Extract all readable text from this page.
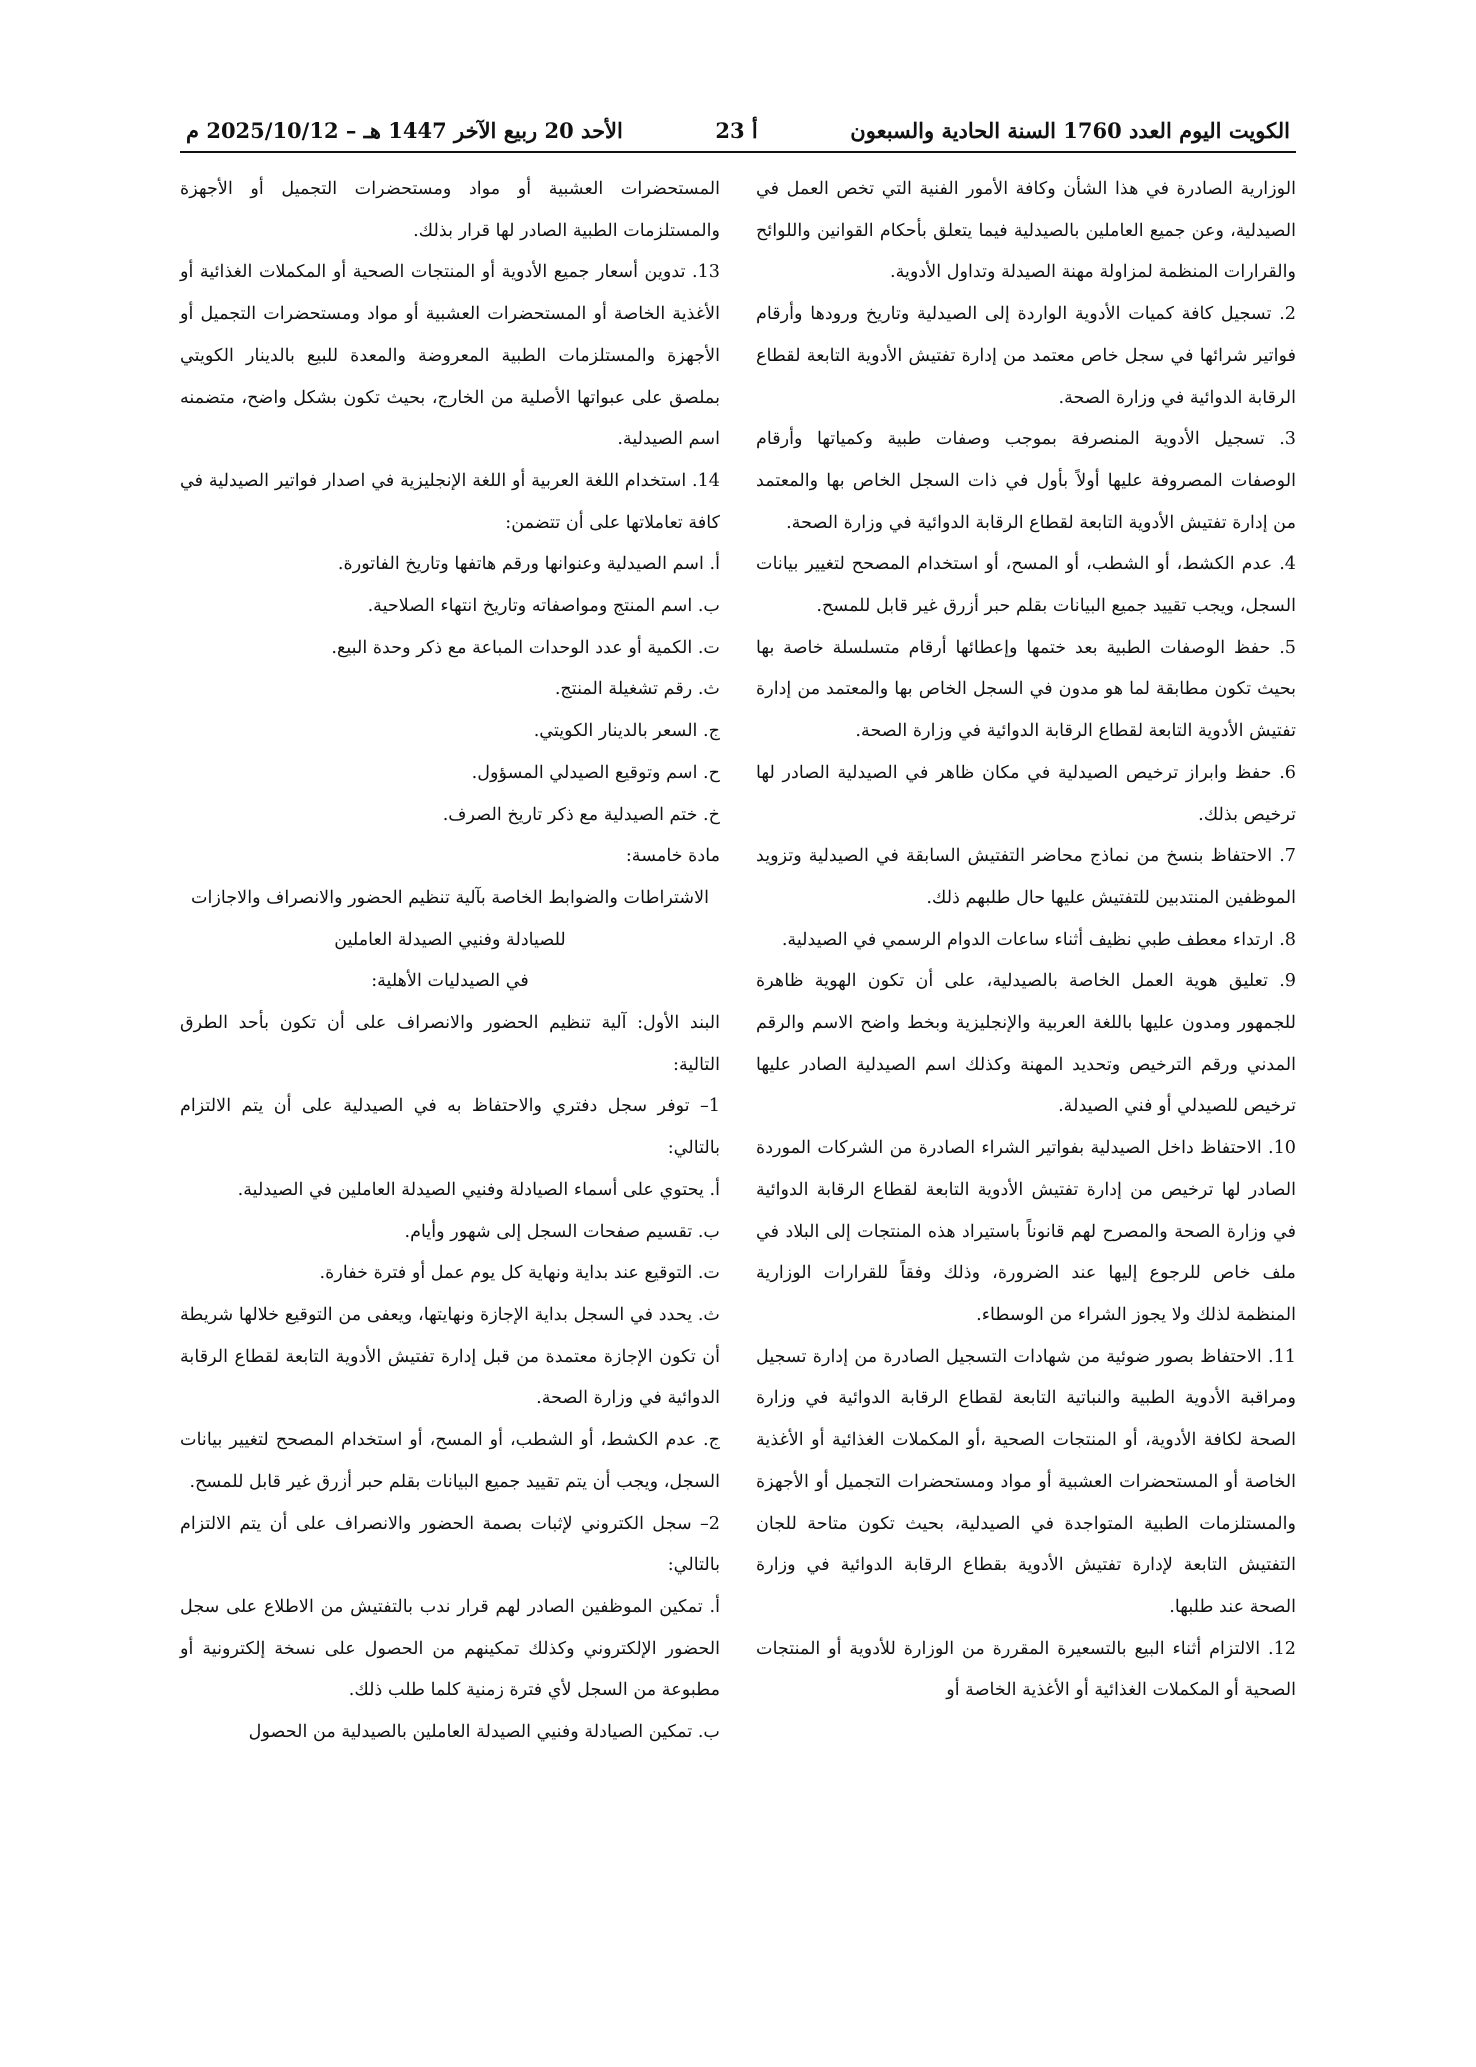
الأحد 20 ربيع الآخر 1447 هـ – 2025/10/12 م	أ 23	الكويت اليوم العدد 1760 السنة الحادية والسبعون

المستحضرات العشبية أو مواد ومستحضرات التجميل أو الأجهزة والمستلزمات الطبية الصادر لها قرار بذلك.

13. تدوين أسعار جميع الأدوية أو المنتجات الصحية أو المكملات الغذائية أو الأغذية الخاصة أو المستحضرات العشبية أو مواد ومستحضرات التجميل أو الأجهزة والمستلزمات الطبية المعروضة والمعدة للبيع بالدينار الكويتي بملصق على عبواتها الأصلية من الخارج، بحيث تكون بشكل واضح، متضمنه اسم الصيدلية.

14. استخدام اللغة العربية أو اللغة الإنجليزية في اصدار فواتير الصيدلية في كافة تعاملاتها على أن تتضمن:

أ. اسم الصيدلية وعنوانها ورقم هاتفها وتاريخ الفاتورة.

ب. اسم المنتج ومواصفاته وتاريخ انتهاء الصلاحية.

ت. الكمية أو عدد الوحدات المباعة مع ذكر وحدة البيع.

ث. رقم تشغيلة المنتج.

ج. السعر بالدينار الكويتي.

ح. اسم وتوقيع الصيدلي المسؤول.

خ. ختم الصيدلية مع ذكر تاريخ الصرف.

مادة خامسة:

الاشتراطات والضوابط الخاصة بآلية تنظيم الحضور والانصراف والاجازات للصيادلة وفنيي الصيدلة العاملين

في الصيدليات الأهلية:

البند الأول: آلية تنظيم الحضور والانصراف على أن تكون بأحد الطرق التالية:

1– توفر سجل دفتري والاحتفاظ به في الصيدلية على أن يتم الالتزام بالتالي:

أ. يحتوي على أسماء الصيادلة وفنيي الصيدلة العاملين في الصيدلية.

ب. تقسيم صفحات السجل إلى شهور وأيام.

ت. التوقيع عند بداية ونهاية كل يوم عمل أو فترة خفارة.

ث. يحدد في السجل بداية الإجازة ونهايتها، ويعفى من التوقيع خلالها شريطة أن تكون الإجازة معتمدة من قبل إدارة تفتيش الأدوية التابعة لقطاع الرقابة الدوائية في وزارة الصحة.

ج. عدم الكشط، أو الشطب، أو المسح، أو استخدام المصحح لتغيير بيانات السجل، ويجب أن يتم تقييد جميع البيانات بقلم حبر أزرق غير قابل للمسح.

2– سجل الكتروني لإثبات بصمة الحضور والانصراف على أن يتم الالتزام بالتالي:

أ. تمكين الموظفين الصادر لهم قرار ندب بالتفتيش من الاطلاع على سجل الحضور الإلكتروني وكذلك تمكينهم من الحصول على نسخة إلكترونية أو مطبوعة من السجل لأي فترة زمنية كلما طلب ذلك.

ب. تمكين الصيادلة وفنيي الصيدلة العاملين بالصيدلية من الحصول

الوزارية الصادرة في هذا الشأن وكافة الأمور الفنية التي تخص العمل في الصيدلية، وعن جميع العاملين بالصيدلية فيما يتعلق بأحكام القوانين واللوائح والقرارات المنظمة لمزاولة مهنة الصيدلة وتداول الأدوية.

2. تسجيل كافة كميات الأدوية الواردة إلى الصيدلية وتاريخ ورودها وأرقام فواتير شرائها في سجل خاص معتمد من إدارة تفتيش الأدوية التابعة لقطاع الرقابة الدوائية في وزارة الصحة.

3. تسجيل الأدوية المنصرفة بموجب وصفات طبية وكمياتها وأرقام الوصفات المصروفة عليها أولاً بأول في ذات السجل الخاص بها والمعتمد من إدارة تفتيش الأدوية التابعة لقطاع الرقابة الدوائية في وزارة الصحة.

4. عدم الكشط، أو الشطب، أو المسح، أو استخدام المصحح لتغيير بيانات السجل، ويجب تقييد جميع البيانات بقلم حبر أزرق غير قابل للمسح.

5. حفظ الوصفات الطبية بعد ختمها وإعطائها أرقام متسلسلة خاصة بها بحيث تكون مطابقة لما هو مدون في السجل الخاص بها والمعتمد من إدارة تفتيش الأدوية التابعة لقطاع الرقابة الدوائية في وزارة الصحة.

6. حفظ وابراز ترخيص الصيدلية في مكان ظاهر في الصيدلية الصادر لها ترخيص بذلك.

7. الاحتفاظ بنسخ من نماذج محاضر التفتيش السابقة في الصيدلية وتزويد الموظفين المنتدبين للتفتيش عليها حال طلبهم ذلك.

8. ارتداء معطف طبي نظيف أثناء ساعات الدوام الرسمي في الصيدلية.

9. تعليق هوية العمل الخاصة بالصيدلية، على أن تكون الهوية ظاهرة للجمهور ومدون عليها باللغة العربية والإنجليزية وبخط واضح الاسم والرقم المدني ورقم الترخيص وتحديد المهنة وكذلك اسم الصيدلية الصادر عليها ترخيص للصيدلي أو فني الصيدلة.

10. الاحتفاظ داخل الصيدلية بفواتير الشراء الصادرة من الشركات الموردة الصادر لها ترخيص من إدارة تفتيش الأدوية التابعة لقطاع الرقابة الدوائية في وزارة الصحة والمصرح لهم قانوناً باستيراد هذه المنتجات إلى البلاد في ملف خاص للرجوع إليها عند الضرورة، وذلك وفقاً للقرارات الوزارية المنظمة لذلك ولا يجوز الشراء من الوسطاء.

11. الاحتفاظ بصور ضوئية من شهادات التسجيل الصادرة من إدارة تسجيل ومراقبة الأدوية الطبية والنباتية التابعة لقطاع الرقابة الدوائية في وزارة الصحة لكافة الأدوية، أو المنتجات الصحية ،أو المكملات الغذائية أو الأغذية الخاصة أو المستحضرات العشبية أو مواد ومستحضرات التجميل أو الأجهزة والمستلزمات الطبية المتواجدة في الصيدلية، بحيث تكون متاحة للجان التفتيش التابعة لإدارة تفتيش الأدوية بقطاع الرقابة الدوائية في وزارة الصحة عند طلبها.

12. الالتزام أثناء البيع بالتسعيرة المقررة من الوزارة للأدوية أو المنتجات الصحية أو المكملات الغذائية أو الأغذية الخاصة أو
